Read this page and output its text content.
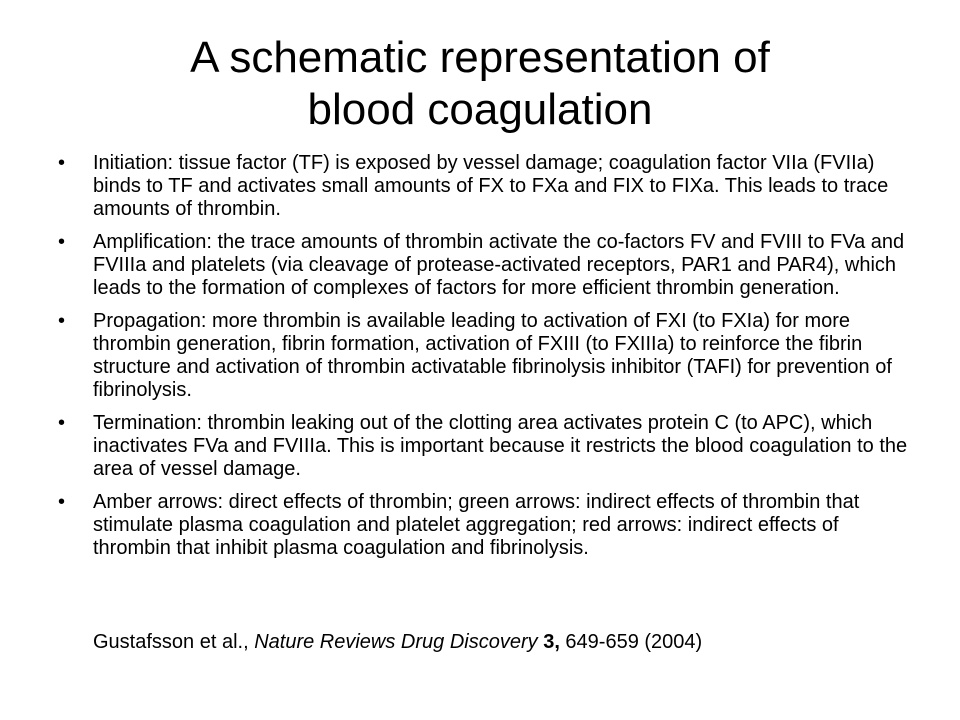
A schematic representation of
blood coagulation
•	Initiation: tissue factor (TF) is exposed by vessel damage; coagulation factor VIIa (FVIIa) binds to TF and activates small amounts of FX to FXa and FIX to FIXa. This leads to trace amounts of thrombin.
•	Amplification: the trace amounts of thrombin activate the co-factors FV and FVIII to FVa and FVIIIa and platelets (via cleavage of protease-activated receptors, PAR1 and PAR4), which leads to the formation of complexes of factors for more efficient thrombin generation.
•	Propagation: more thrombin is available leading to activation of FXI (to FXIa) for more thrombin generation, fibrin formation, activation of FXIII (to FXIIIa) to reinforce the fibrin structure and activation of thrombin activatable fibrinolysis inhibitor (TAFI) for prevention of fibrinolysis.
•	Termination: thrombin leaking out of the clotting area activates protein C (to APC), which inactivates FVa and FVIIIa. This is important because it restricts the blood coagulation to the area of vessel damage.
•	Amber arrows: direct effects of thrombin; green arrows: indirect effects of thrombin that stimulate plasma coagulation and platelet aggregation; red arrows: indirect effects of thrombin that inhibit plasma coagulation and fibrinolysis.
Gustafsson et al., Nature Reviews Drug Discovery 3, 649-659 (2004)
